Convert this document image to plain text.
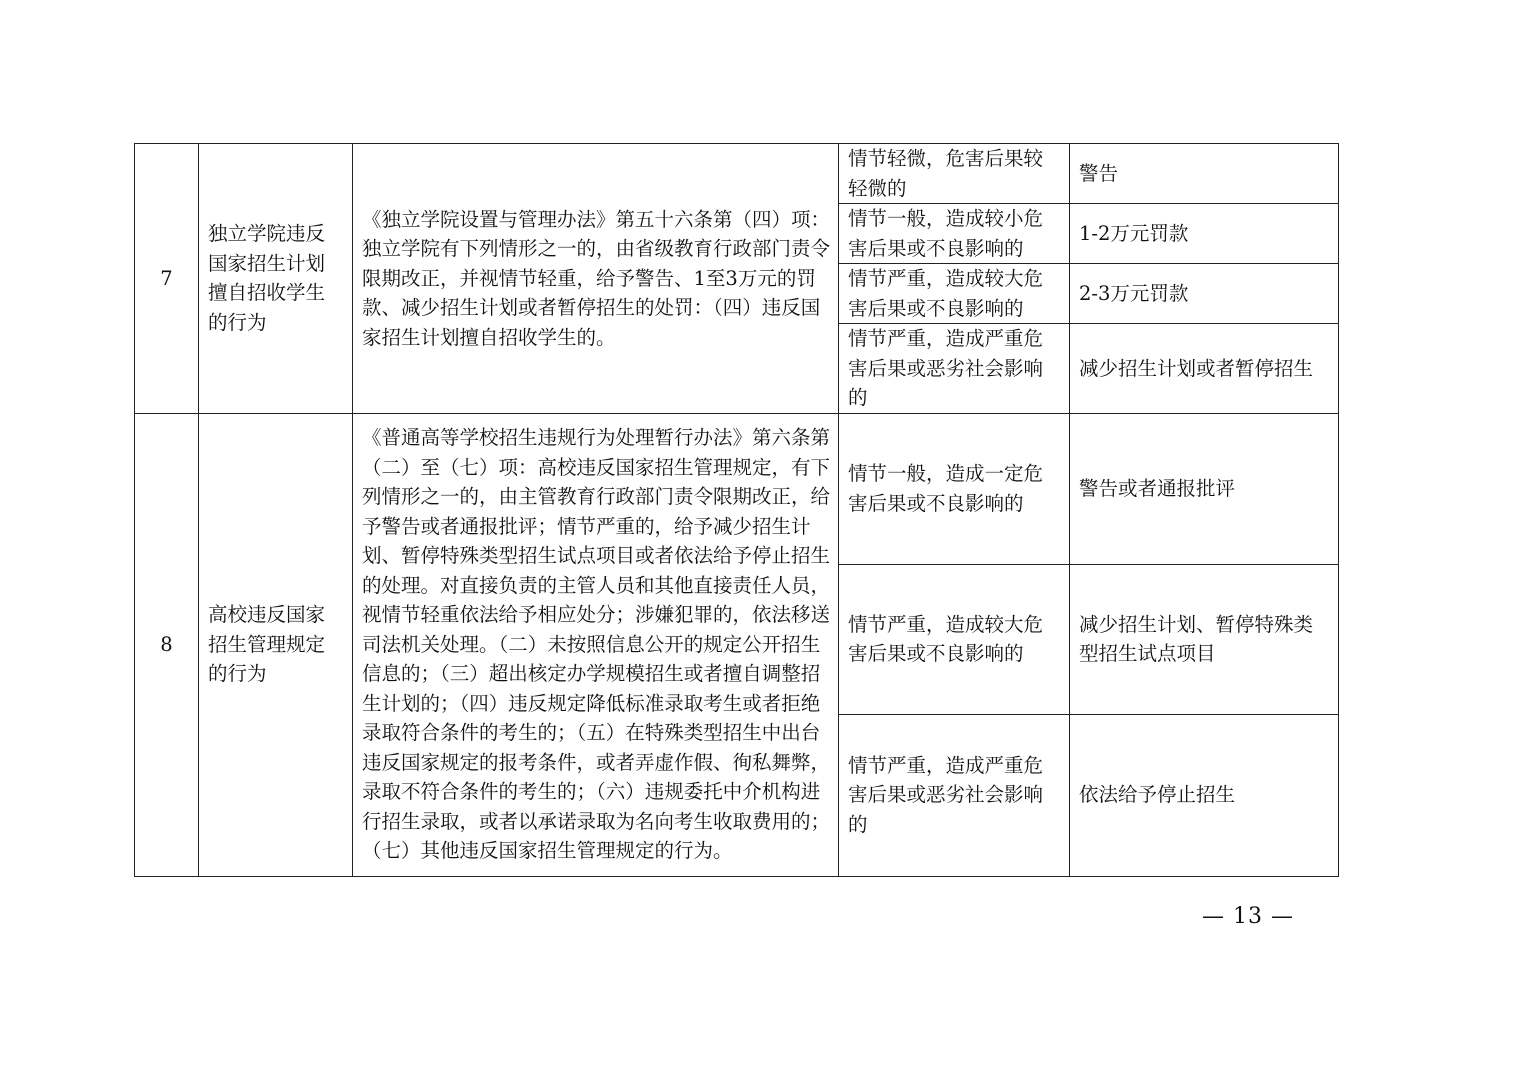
7	独立学院违反国家招生计划擅自招收学生的行为	《独立学院设置与管理办法》第五十六条第（四）项：独立学院有下列情形之一的，由省级教育行政部门责令限期改正，并视情节轻重，给予警告、1至3万元的罚款、减少招生计划或者暂停招生的处罚：（四）违反国家招生计划擅自招收学生的。	情节轻微，危害后果较轻微的	警告
			情节一般，造成较小危害后果或不良影响的	1-2万元罚款
			情节严重，造成较大危害后果或不良影响的	2-3万元罚款
			情节严重，造成严重危害后果或恶劣社会影响的	减少招生计划或者暂停招生
8	高校违反国家招生管理规定的行为	《普通高等学校招生违规行为处理暂行办法》第六条第（二）至（七）项：高校违反国家招生管理规定，有下列情形之一的，由主管教育行政部门责令限期改正，给予警告或者通报批评；情节严重的，给予减少招生计划、暂停特殊类型招生试点项目或者依法给予停止招生的处理。对直接负责的主管人员和其他直接责任人员，视情节轻重依法给予相应处分；涉嫌犯罪的，依法移送司法机关处理。（二）未按照信息公开的规定公开招生信息的；（三）超出核定办学规模招生或者擅自调整招生计划的；（四）违反规定降低标准录取考生或者拒绝录取符合条件的考生的；（五）在特殊类型招生中出台违反国家规定的报考条件，或者弄虚作假、徇私舞弊，录取不符合条件的考生的；（六）违规委托中介机构进行招生录取，或者以承诺录取为名向考生收取费用的；（七）其他违反国家招生管理规定的行为。	情节一般，造成一定危害后果或不良影响的	警告或者通报批评
			情节严重，造成较大危害后果或不良影响的	减少招生计划、暂停特殊类型招生试点项目
			情节严重，造成严重危害后果或恶劣社会影响的	依法给予停止招生
— 13 —
